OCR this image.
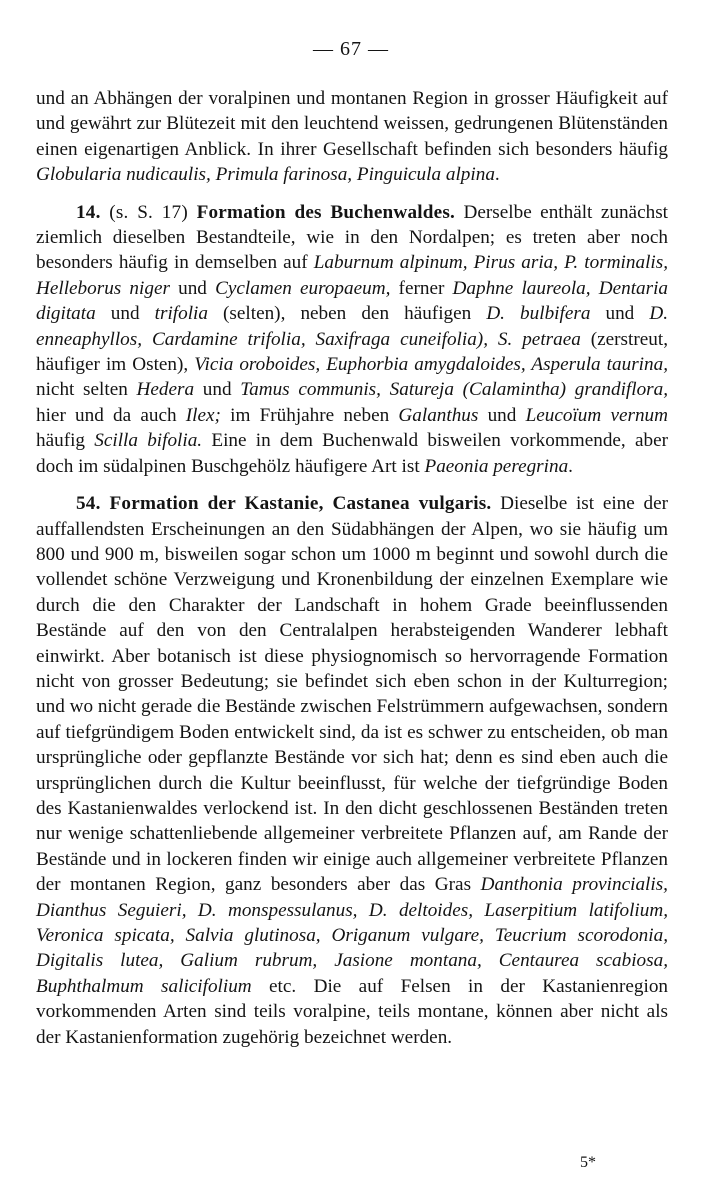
— 67 —

und an Abhängen der voralpinen und montanen Region in grosser Häufigkeit auf und gewährt zur Blütezeit mit den leuchtend weissen, gedrungenen Blütenständen einen eigenartigen Anblick. In ihrer Gesellschaft befinden sich besonders häufig Globularia nudicaulis, Primula farinosa, Pinguicula alpina.

14. (s. S. 17) Formation des Buchenwaldes. Derselbe enthält zunächst ziemlich dieselben Bestandteile, wie in den Nordalpen; es treten aber noch besonders häufig in demselben auf Laburnum alpinum, Pirus aria, P. torminalis, Helleborus niger und Cyclamen europaeum, ferner Daphne laureola, Dentaria digitata und trifolia (selten), neben den häufigen D. bulbifera und D. enneaphyllos, Cardamine trifolia, Saxifraga cuneifolia), S. petraea (zerstreut, häufiger im Osten), Vicia oroboides, Euphorbia amygdaloides, Asperula taurina, nicht selten Hedera und Tamus communis, Satureja (Calamintha) grandiflora, hier und da auch Ilex; im Frühjahre neben Galanthus und Leucoïum vernum häufig Scilla bifolia. Eine in dem Buchenwald bisweilen vorkommende, aber doch im südalpinen Buschgehölz häufigere Art ist Paeonia peregrina.

54. Formation der Kastanie, Castanea vulgaris. Dieselbe ist eine der auffallendsten Erscheinungen an den Südabhängen der Alpen, wo sie häufig um 800 und 900 m, bisweilen sogar schon um 1000 m beginnt und sowohl durch die vollendet schöne Verzweigung und Kronenbildung der einzelnen Exemplare wie durch die den Charakter der Landschaft in hohem Grade beeinflussenden Bestände auf den von den Centralalpen herabsteigenden Wanderer lebhaft einwirkt. Aber botanisch ist diese physiognomisch so hervorragende Formation nicht von grosser Bedeutung; sie befindet sich eben schon in der Kulturregion; und wo nicht gerade die Bestände zwischen Felstrümmern aufgewachsen, sondern auf tiefgründigem Boden entwickelt sind, da ist es schwer zu entscheiden, ob man ursprüngliche oder gepflanzte Bestände vor sich hat; denn es sind eben auch die ursprünglichen durch die Kultur beeinflusst, für welche der tiefgründige Boden des Kastanienwaldes verlockend ist. In den dicht geschlossenen Beständen treten nur wenige schattenliebende allgemeiner verbreitete Pflanzen auf, am Rande der Bestände und in lockeren finden wir einige auch allgemeiner verbreitete Pflanzen der montanen Region, ganz besonders aber das Gras Danthonia provincialis, Dianthus Seguieri, D. monspessulanus, D. deltoides, Laserpitium latifolium, Veronica spicata, Salvia glutinosa, Origanum vulgare, Teucrium scorodonia, Digitalis lutea, Galium rubrum, Jasione montana, Centaurea scabiosa, Buphthalmum salicifolium etc. Die auf Felsen in der Kastanienregion vorkommenden Arten sind teils voralpine, teils montane, können aber nicht als der Kastanienformation zugehörig bezeichnet werden.

5*
